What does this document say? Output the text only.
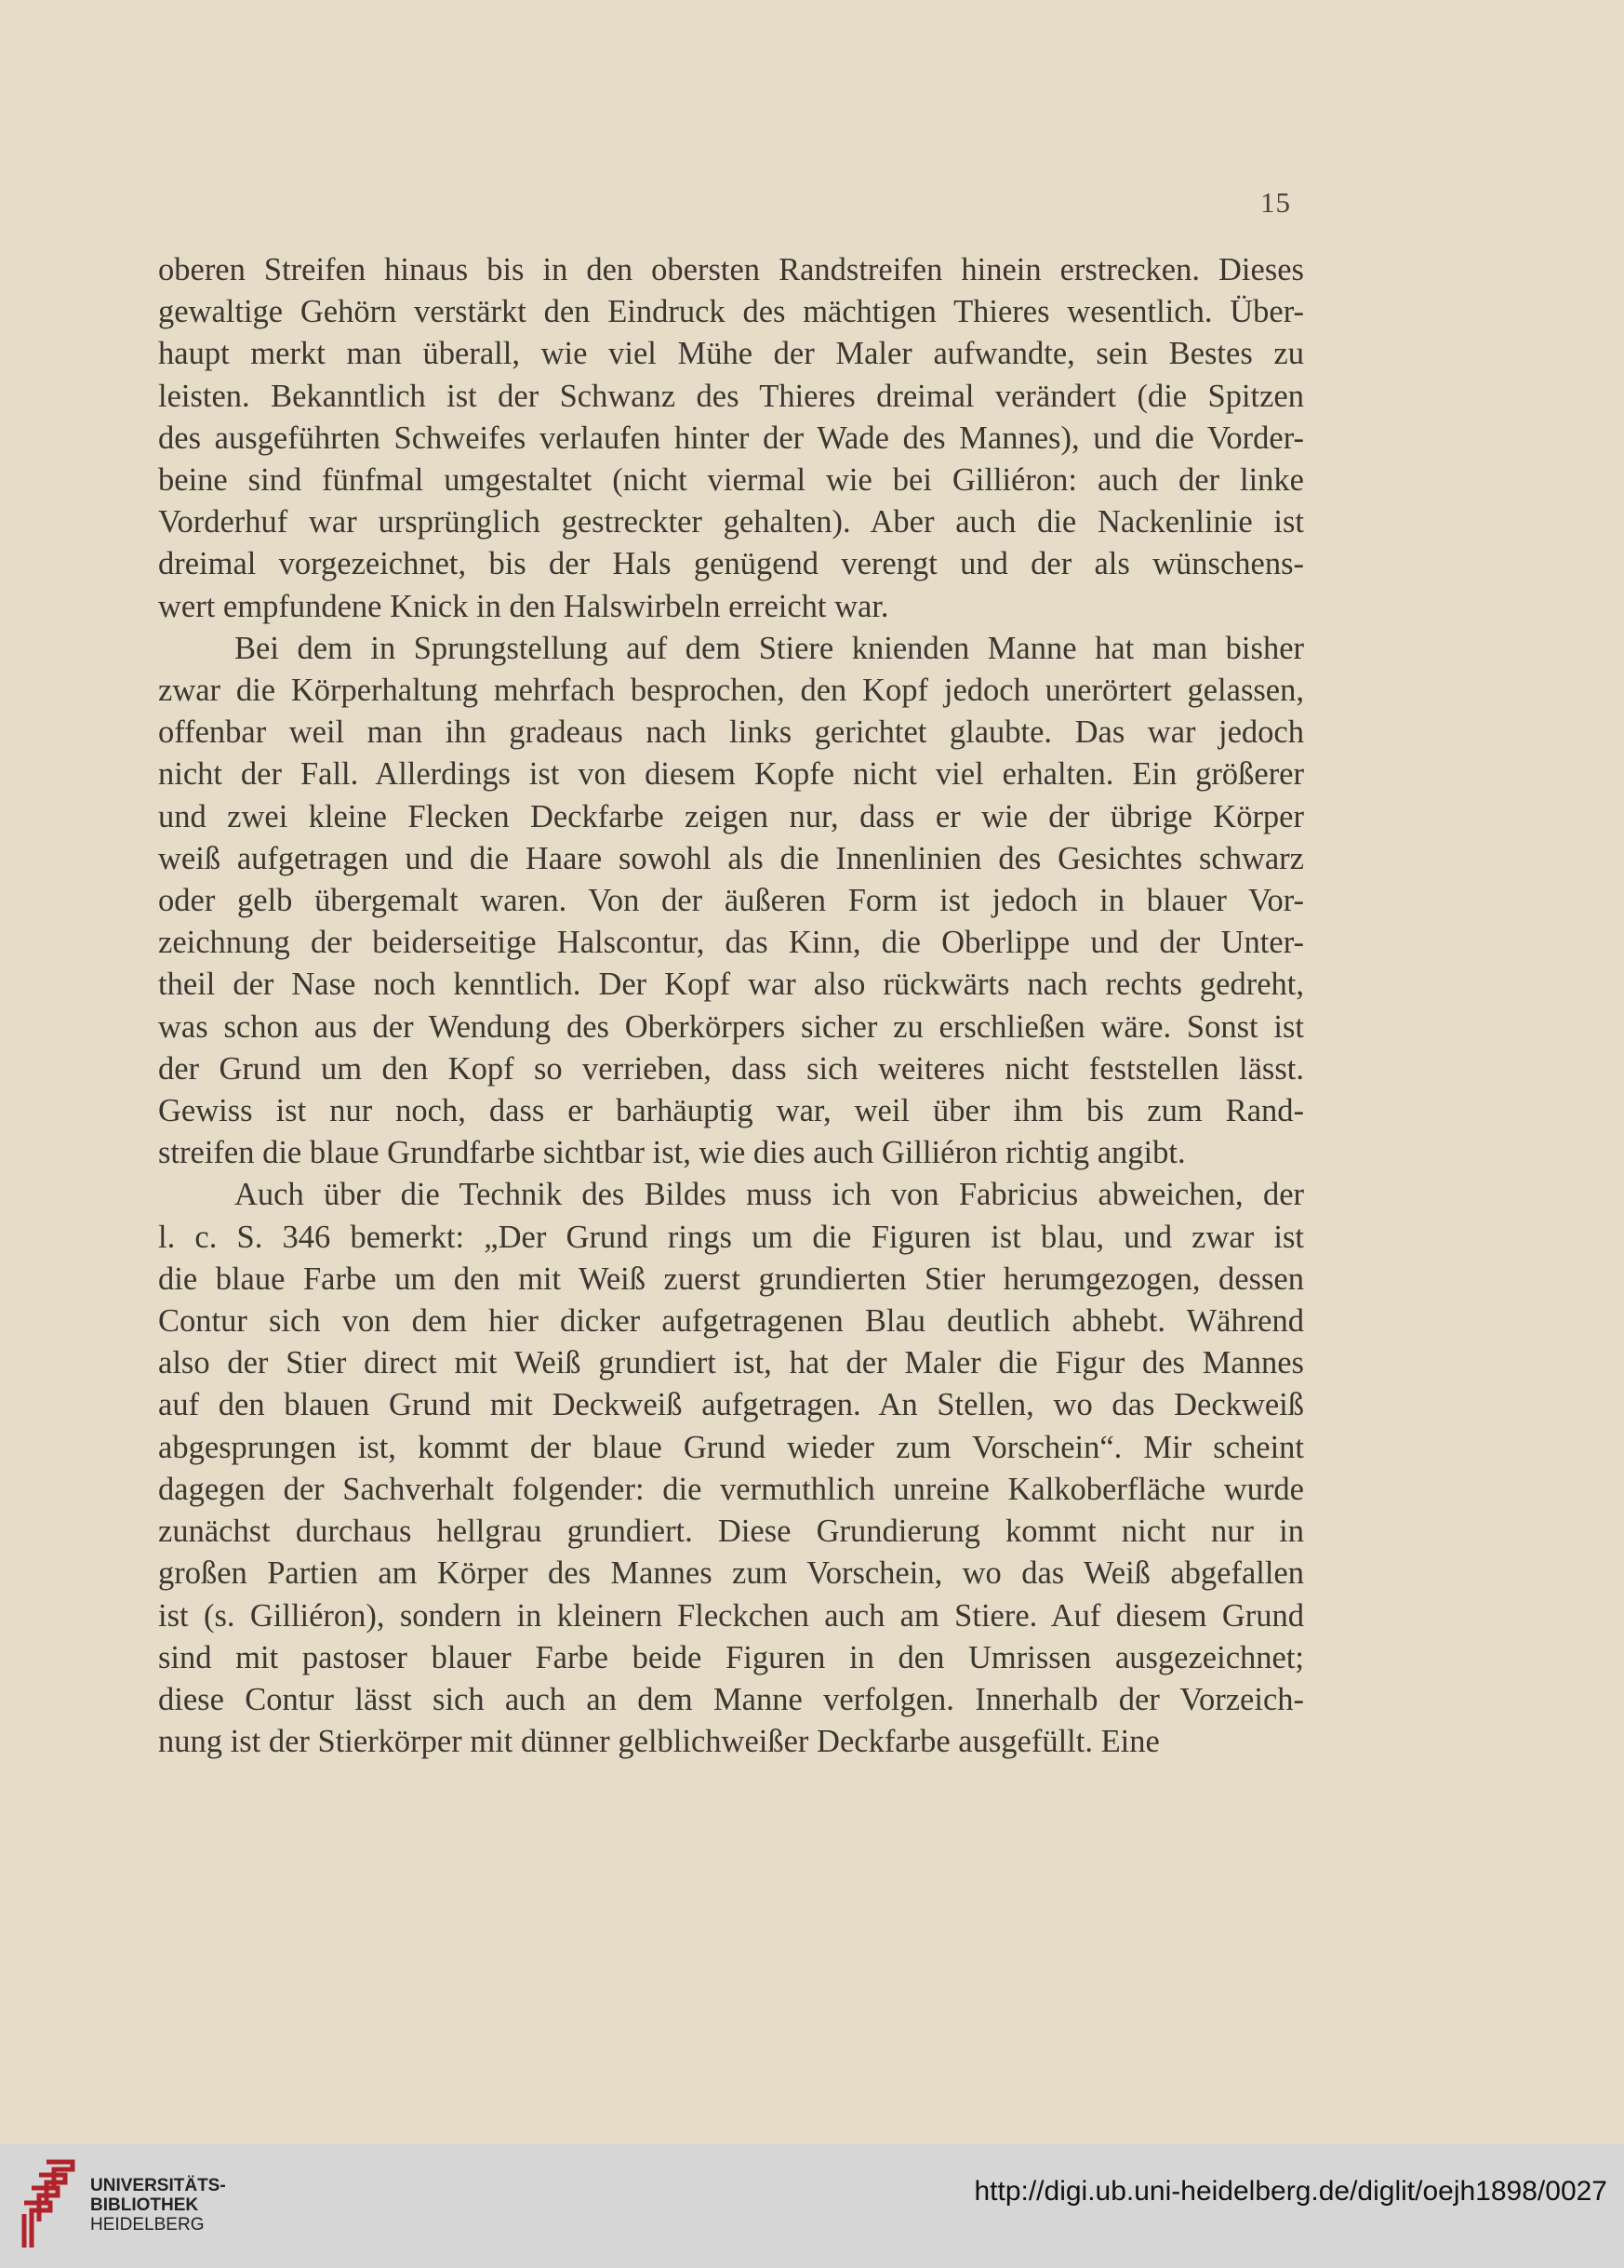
15

oberen Streifen hinaus bis in den obersten Randstreifen hinein erstrecken. Dieses
gewaltige Gehörn verstärkt den Eindruck des mächtigen Thieres wesentlich. Über-
haupt merkt man überall, wie viel Mühe der Maler aufwandte, sein Bestes zu
leisten. Bekanntlich ist der Schwanz des Thieres dreimal verändert (die Spitzen
des ausgeführten Schweifes verlaufen hinter der Wade des Mannes), und die Vorder-
beine sind fünfmal umgestaltet (nicht viermal wie bei Gilliéron: auch der linke
Vorderhuf war ursprünglich gestreckter gehalten). Aber auch die Nackenlinie ist
dreimal vorgezeichnet, bis der Hals genügend verengt und der als wünschens-
wert empfundene Knick in den Halswirbeln erreicht war.

Bei dem in Sprungstellung auf dem Stiere knienden Manne hat man bisher
zwar die Körperhaltung mehrfach besprochen, den Kopf jedoch unerörtert gelassen,
offenbar weil man ihn gradeaus nach links gerichtet glaubte. Das war jedoch
nicht der Fall. Allerdings ist von diesem Kopfe nicht viel erhalten. Ein größerer
und zwei kleine Flecken Deckfarbe zeigen nur, dass er wie der übrige Körper
weiß aufgetragen und die Haare sowohl als die Innenlinien des Gesichtes schwarz
oder gelb übergemalt waren. Von der äußeren Form ist jedoch in blauer Vor-
zeichnung der beiderseitige Halscontur, das Kinn, die Oberlippe und der Unter-
theil der Nase noch kenntlich. Der Kopf war also rückwärts nach rechts gedreht,
was schon aus der Wendung des Oberkörpers sicher zu erschließen wäre. Sonst ist
der Grund um den Kopf so verrieben, dass sich weiteres nicht feststellen lässt.
Gewiss ist nur noch, dass er barhäuptig war, weil über ihm bis zum Rand-
streifen die blaue Grundfarbe sichtbar ist, wie dies auch Gilliéron richtig angibt.

Auch über die Technik des Bildes muss ich von Fabricius abweichen, der
l. c. S. 346 bemerkt: „Der Grund rings um die Figuren ist blau, und zwar ist
die blaue Farbe um den mit Weiß zuerst grundierten Stier herumgezogen, dessen
Contur sich von dem hier dicker aufgetragenen Blau deutlich abhebt. Während
also der Stier direct mit Weiß grundiert ist, hat der Maler die Figur des Mannes
auf den blauen Grund mit Deckweiß aufgetragen. An Stellen, wo das Deckweiß
abgesprungen ist, kommt der blaue Grund wieder zum Vorschein“. Mir scheint
dagegen der Sachverhalt folgender: die vermuthlich unreine Kalkoberfläche wurde
zunächst durchaus hellgrau grundiert. Diese Grundierung kommt nicht nur in
großen Partien am Körper des Mannes zum Vorschein, wo das Weiß abgefallen
ist (s. Gilliéron), sondern in kleinern Fleckchen auch am Stiere. Auf diesem Grund
sind mit pastoser blauer Farbe beide Figuren in den Umrissen ausgezeichnet;
diese Contur lässt sich auch an dem Manne verfolgen. Innerhalb der Vorzeich-
nung ist der Stierkörper mit dünner gelblichweißer Deckfarbe ausgefüllt. Eine

UNIVERSITÄTS-
BIBLIOTHEK
HEIDELBERG
http://digi.ub.uni-heidelberg.de/diglit/oejh1898/0027
